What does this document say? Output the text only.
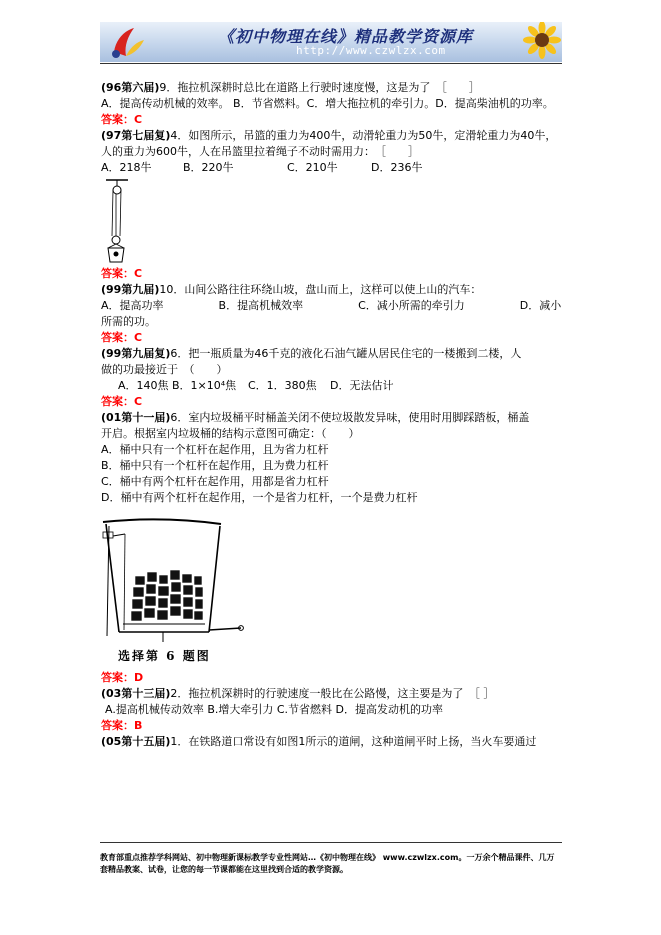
《初中物理在线》精品教学资源库
http://www.czwlzx.com

(96第六届)9．拖拉机深耕时总比在道路上行驶时速度慢，这是为了　［　　］

A．提高传动机械的效率。 B．节省燃料。C．增大拖拉机的牵引力。D．提高柴油机的功率。

答案：C

(97第七届复)4．如图所示，吊篮的重力为400牛，动滑轮重力为50牛，定滑轮重力为40牛，

人的重力为600牛，人在吊篮里拉着绳子不动时需用力：　［　　］

A．218牛	B．220牛	C．210牛	D．236牛

答案：C

(99第九届)10．山间公路往往环绕山坡，盘山而上，这样可以使上山的汽车：

A．提高功率　　　　　B．提高机械效率　　　　　C．减小所需的牵引力　　　　　D．减小所需的功。

答案：C

(99第九届复)6．把一瓶质量为46千克的液化石油气罐从居民住宅的一楼搬到二楼，人

做的功最接近于　（　　）

A．140焦 B．1×10⁴焦 C．1．380焦 D．无法估计

答案：C

(01第十一届)6．室内垃圾桶平时桶盖关闭不使垃圾散发异味，使用时用脚踩踏板，桶盖

开启。根据室内垃圾桶的结构示意图可确定：（　　）

A．桶中只有一个杠杆在起作用，且为省力杠杆

B．桶中只有一个杠杆在起作用，且为费力杠杆

C．桶中有两个杠杆在起作用，用都是省力杠杆

D．桶中有两个杠杆在起作用，一个是省力杠杆，一个是费力杠杆

选择第 6 题图

答案：D

(03第十三届)2．拖拉机深耕时的行驶速度一般比在公路慢，这主要是为了　［ ］

A.提高机械传动效率 B.增大牵引力 C.节省燃料 D．提高发动机的功率

答案：B

(05第十五届)1．在铁路道口常设有如图1所示的道闸，这种道闸平时上扬，当火车要通过

教育部重点推荐学科网站、初中物理新课标教学专业性网站…《初中物理在线》 www.czwlzx.com。一万余个精品课件、几万套精品教案、试卷，让您的每一节课都能在这里找到合适的教学资源。
